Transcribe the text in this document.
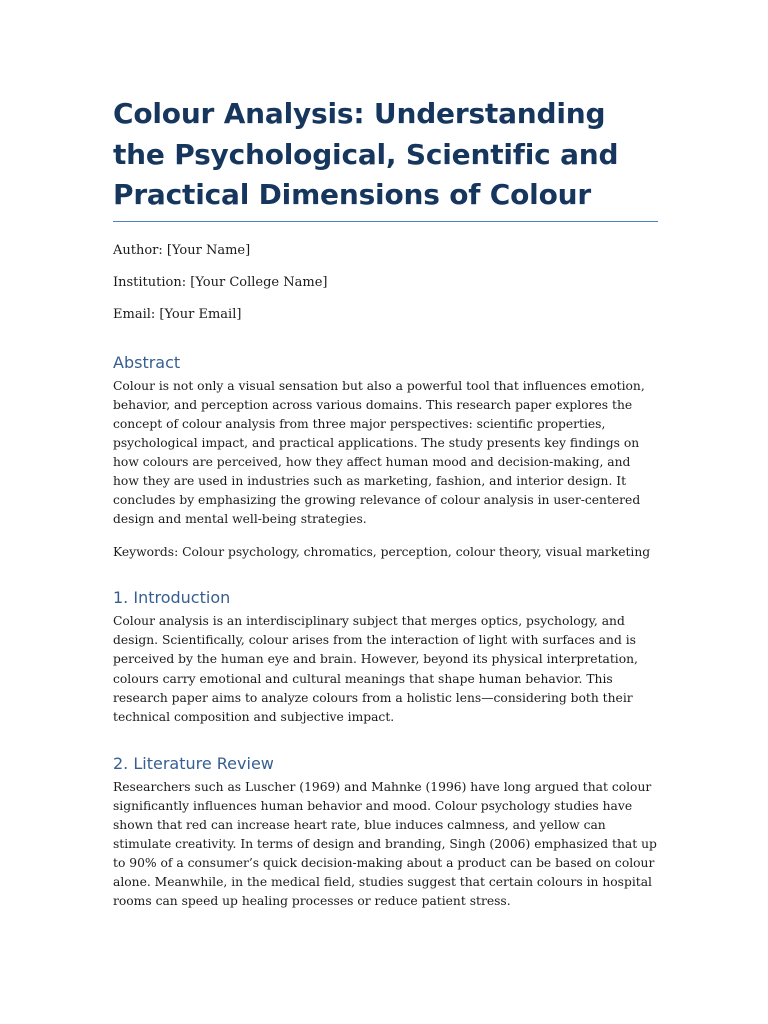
Colour Analysis: Understanding the Psychological, Scientific and Practical Dimensions of Colour

Author: [Your Name]

Institution: [Your College Name]

Email: [Your Email]

Abstract

Colour is not only a visual sensation but also a powerful tool that influences emotion, behavior, and perception across various domains. This research paper explores the concept of colour analysis from three major perspectives: scientific properties, psychological impact, and practical applications. The study presents key findings on how colours are perceived, how they affect human mood and decision-making, and how they are used in industries such as marketing, fashion, and interior design. It concludes by emphasizing the growing relevance of colour analysis in user-centered design and mental well-being strategies.

Keywords: Colour psychology, chromatics, perception, colour theory, visual marketing

1. Introduction

Colour analysis is an interdisciplinary subject that merges optics, psychology, and design. Scientifically, colour arises from the interaction of light with surfaces and is perceived by the human eye and brain. However, beyond its physical interpretation, colours carry emotional and cultural meanings that shape human behavior. This research paper aims to analyze colours from a holistic lens—considering both their technical composition and subjective impact.

2. Literature Review

Researchers such as Luscher (1969) and Mahnke (1996) have long argued that colour significantly influences human behavior and mood. Colour psychology studies have shown that red can increase heart rate, blue induces calmness, and yellow can stimulate creativity. In terms of design and branding, Singh (2006) emphasized that up to 90% of a consumer’s quick decision-making about a product can be based on colour alone. Meanwhile, in the medical field, studies suggest that certain colours in hospital rooms can speed up healing processes or reduce patient stress.
